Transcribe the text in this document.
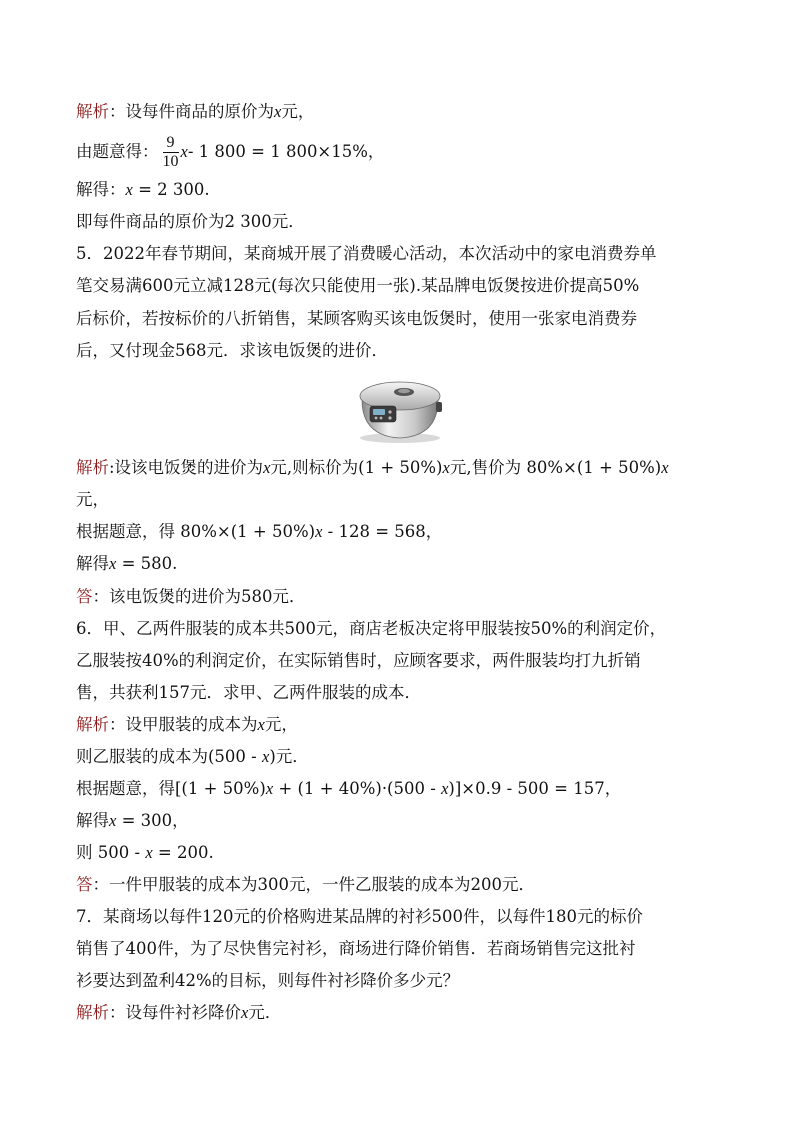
解析：设每件商品的原价为x元，
由题意得： $\frac{9}{10} x-$ 1 800 = 1 800×15%，
解得：x = 2 300.
即每件商品的原价为2 300元．
5．2022年春节期间，某商城开展了消费暖心活动，本次活动中的家电消费券单
笔交易满600元立减128元(每次只能使用一张).某品牌电饭煲按进价提高50%
后标价，若按标价的八折销售，某顾客购买该电饭煲时，使用一张家电消费券
后，又付现金568元．求该电饭煲的进价．
解析:设该电饭煲的进价为x元,则标价为(1 + 50%)x元,售价为 80%×(1 + 50%)x
元，
根据题意，得 80%×(1 + 50%)x - 128 = 568，
解得x = 580.
答：该电饭煲的进价为580元．
6．甲、乙两件服装的成本共500元，商店老板决定将甲服装按50%的利润定价，
乙服装按40%的利润定价，在实际销售时，应顾客要求，两件服装均打九折销
售，共获利157元．求甲、乙两件服装的成本．
解析：设甲服装的成本为x元，
则乙服装的成本为(500 - x)元．
根据题意，得[(1 + 50%)x + (1 + 40%)·(500 - x)]×0.9 - 500 = 157，
解得x = 300，
则 500 - x = 200.
答：一件甲服装的成本为300元，一件乙服装的成本为200元．
7．某商场以每件120元的价格购进某品牌的衬衫500件，以每件180元的标价
销售了400件，为了尽快售完衬衫，商场进行降价销售．若商场销售完这批衬
衫要达到盈利42%的目标，则每件衬衫降价多少元？
解析：设每件衬衫降价x元．
